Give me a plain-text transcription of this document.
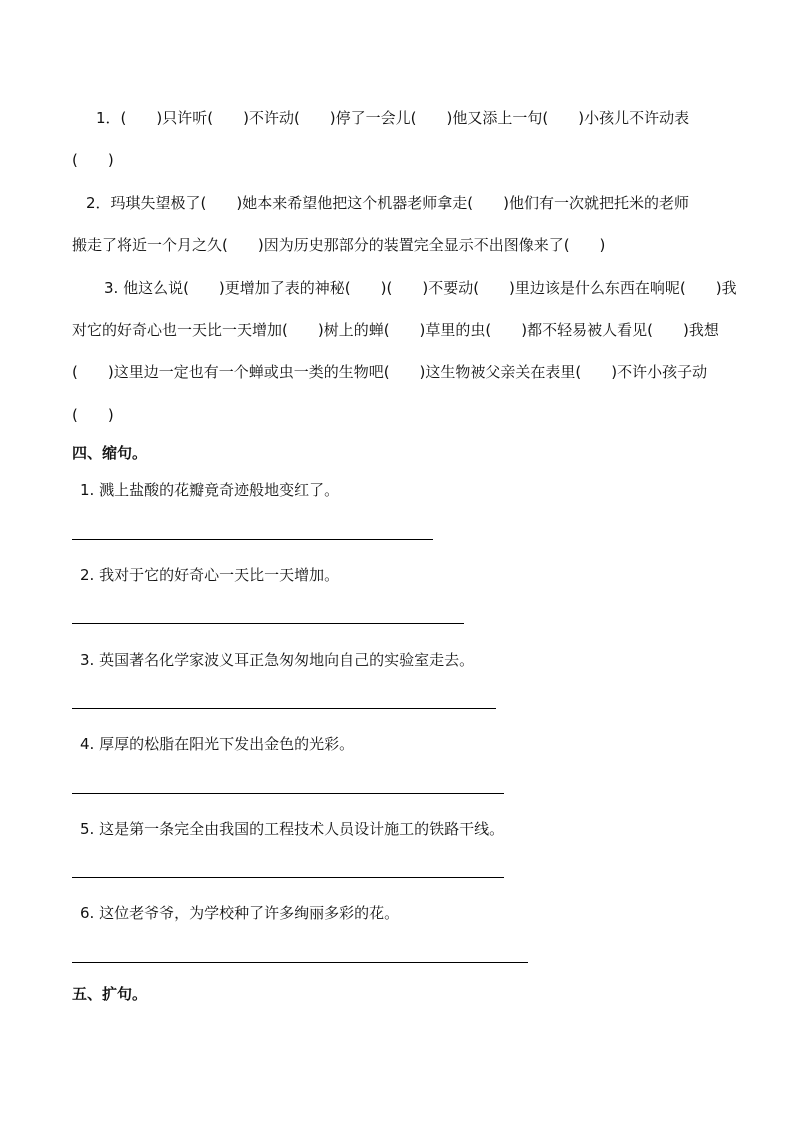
1．(　　)只许听(　　)不许动(　　)停了一会儿(　　)他又添上一句(　　)小孩儿不许动表

(　　)

2．玛琪失望极了(　　)她本来希望他把这个机器老师拿走(　　)他们有一次就把托米的老师

搬走了将近一个月之久(　　)因为历史那部分的装置完全显示不出图像来了(　　)

3. 他这么说(　　)更增加了表的神秘(　　)(　　)不要动(　　)里边该是什么东西在响呢(　　)我

对它的好奇心也一天比一天增加(　　)树上的蝉(　　)草里的虫(　　)都不轻易被人看见(　　)我想

(　　)这里边一定也有一个蝉或虫一类的生物吧(　　)这生物被父亲关在表里(　　)不许小孩子动

(　　)

四、缩句。

1. 溅上盐酸的花瓣竟奇迹般地变红了。

2. 我对于它的好奇心一天比一天增加。

3. 英国著名化学家波义耳正急匆匆地向自己的实验室走去。

4. 厚厚的松脂在阳光下发出金色的光彩。

5. 这是第一条完全由我国的工程技术人员设计施工的铁路干线。

6. 这位老爷爷，为学校种了许多绚丽多彩的花。

五、扩句。
